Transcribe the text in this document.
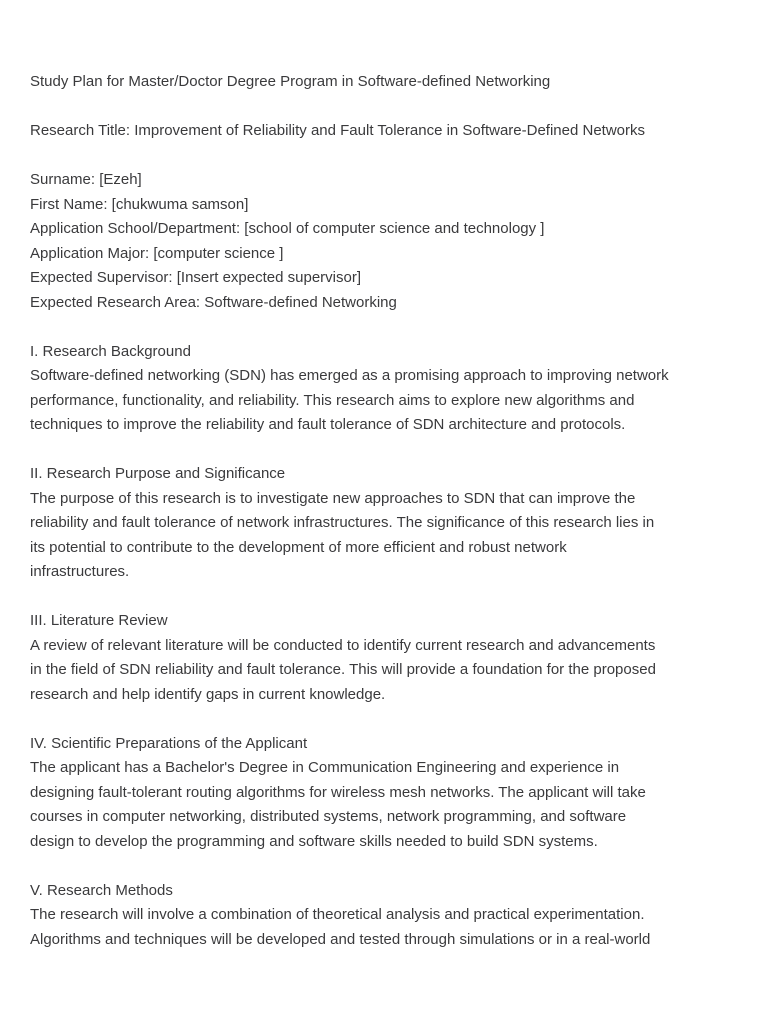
Study Plan for Master/Doctor Degree Program in Software-defined Networking
Research Title: Improvement of Reliability and Fault Tolerance in Software-Defined Networks
Surname: [Ezeh]
First Name: [chukwuma samson]
Application School/Department: [school of computer science and technology ]
Application Major: [computer science ]
Expected Supervisor: [Insert expected supervisor]
Expected Research Area: Software-defined Networking
I. Research Background
Software-defined networking (SDN) has emerged as a promising approach to improving network
performance, functionality, and reliability. This research aims to explore new algorithms and
techniques to improve the reliability and fault tolerance of SDN architecture and protocols.
II. Research Purpose and Significance
The purpose of this research is to investigate new approaches to SDN that can improve the
reliability and fault tolerance of network infrastructures. The significance of this research lies in
its potential to contribute to the development of more efficient and robust network
infrastructures.
III. Literature Review
A review of relevant literature will be conducted to identify current research and advancements
in the field of SDN reliability and fault tolerance. This will provide a foundation for the proposed
research and help identify gaps in current knowledge.
IV. Scientific Preparations of the Applicant
The applicant has a Bachelor's Degree in Communication Engineering and experience in
designing fault-tolerant routing algorithms for wireless mesh networks. The applicant will take
courses in computer networking, distributed systems, network programming, and software
design to develop the programming and software skills needed to build SDN systems.
V. Research Methods
The research will involve a combination of theoretical analysis and practical experimentation.
Algorithms and techniques will be developed and tested through simulations or in a real-world
